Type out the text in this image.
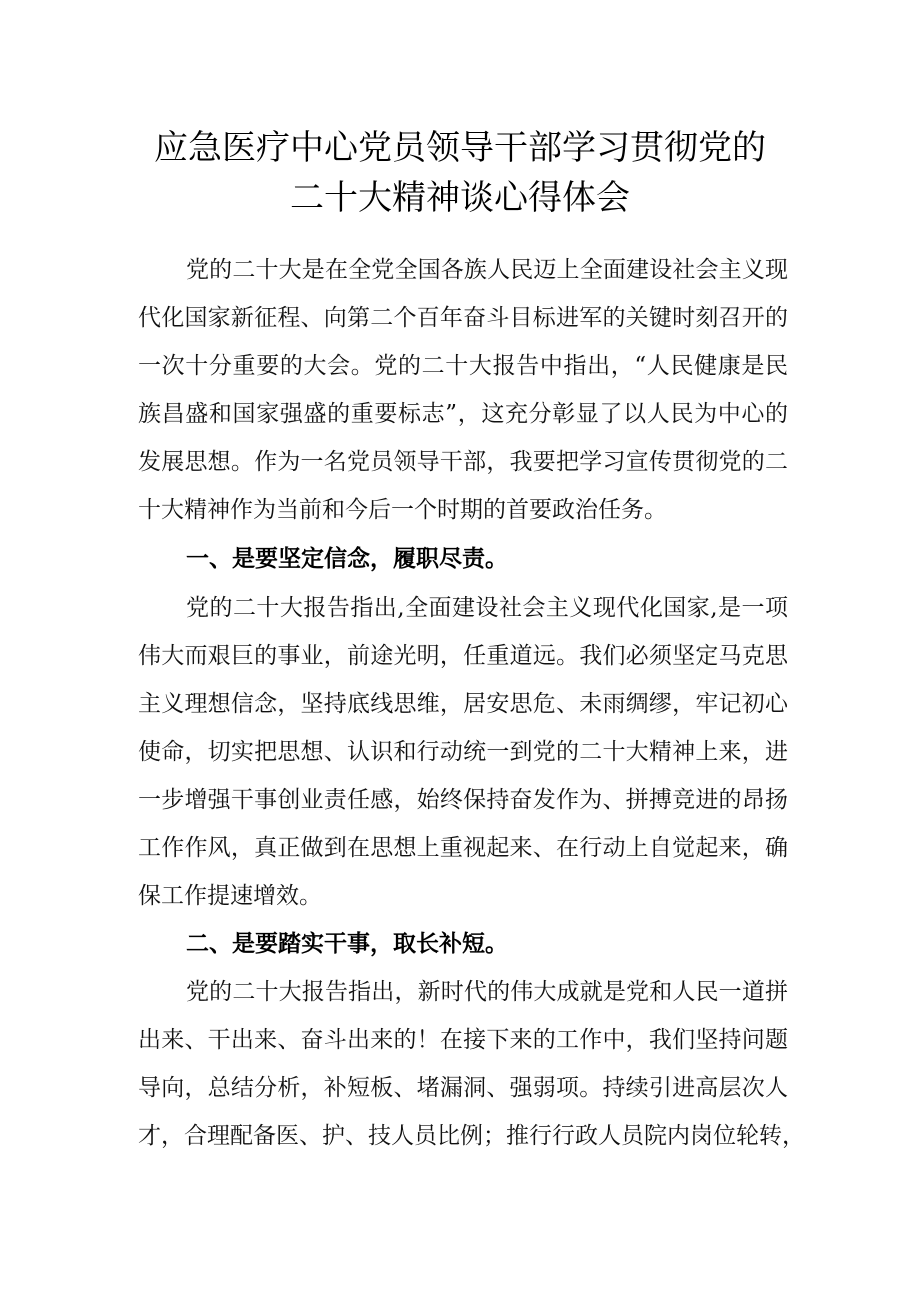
应急医疗中心党员领导干部学习贯彻党的
二十大精神谈心得体会
党的二十大是在全党全国各族人民迈上全面建设社会主义现
代化国家新征程、向第二个百年奋斗目标进军的关键时刻召开的
一次十分重要的大会。党的二十大报告中指出，“人民健康是民
族昌盛和国家强盛的重要标志”，这充分彰显了以人民为中心的
发展思想。作为一名党员领导干部，我要把学习宣传贯彻党的二
十大精神作为当前和今后一个时期的首要政治任务。
一、是要坚定信念，履职尽责。
党的二十大报告指出,全面建设社会主义现代化国家,是一项
伟大而艰巨的事业，前途光明，任重道远。我们必须坚定马克思
主义理想信念，坚持底线思维，居安思危、未雨绸缪，牢记初心
使命，切实把思想、认识和行动统一到党的二十大精神上来，进
一步增强干事创业责任感，始终保持奋发作为、拼搏竞进的昂扬
工作作风，真正做到在思想上重视起来、在行动上自觉起来，确
保工作提速增效。
二、是要踏实干事，取长补短。
党的二十大报告指出，新时代的伟大成就是党和人民一道拼
出来、干出来、奋斗出来的！在接下来的工作中，我们坚持问题
导向，总结分析，补短板、堵漏洞、强弱项。持续引进高层次人
才，合理配备医、护、技人员比例；推行行政人员院内岗位轮转，
